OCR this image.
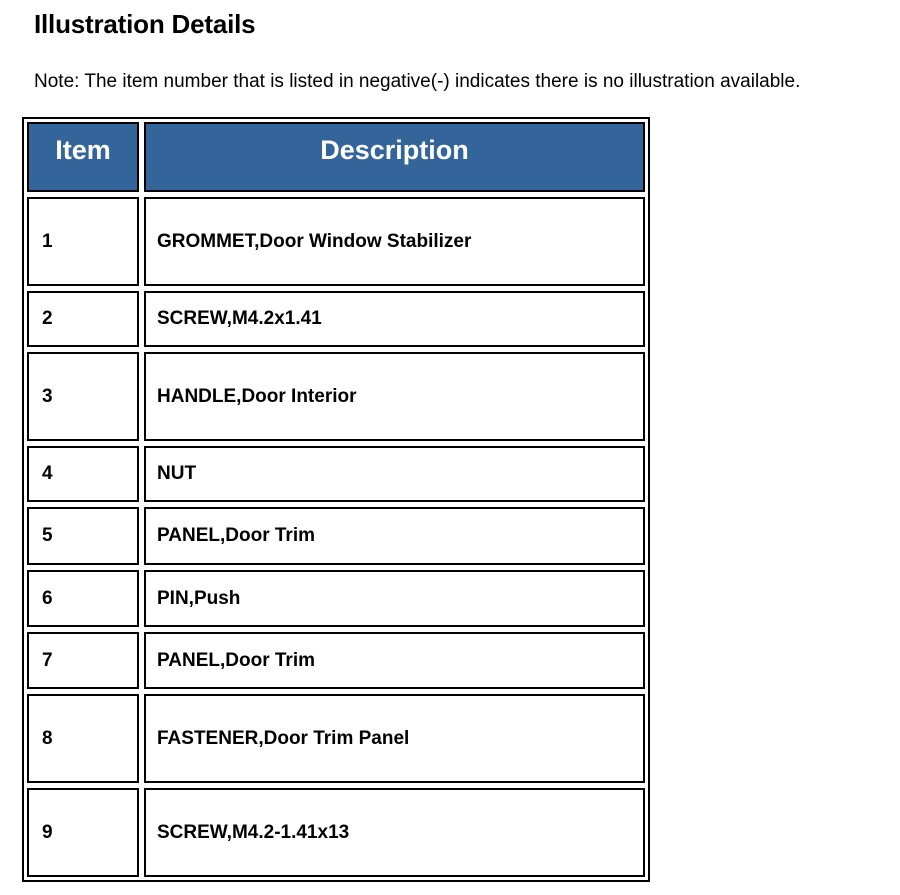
Illustration Details

Note: The item number that is listed in negative(-) indicates there is no illustration available.

Item	Description
1	GROMMET,Door Window Stabilizer
2	SCREW,M4.2x1.41
3	HANDLE,Door Interior
4	NUT
5	PANEL,Door Trim
6	PIN,Push
7	PANEL,Door Trim
8	FASTENER,Door Trim Panel
9	SCREW,M4.2-1.41x13
